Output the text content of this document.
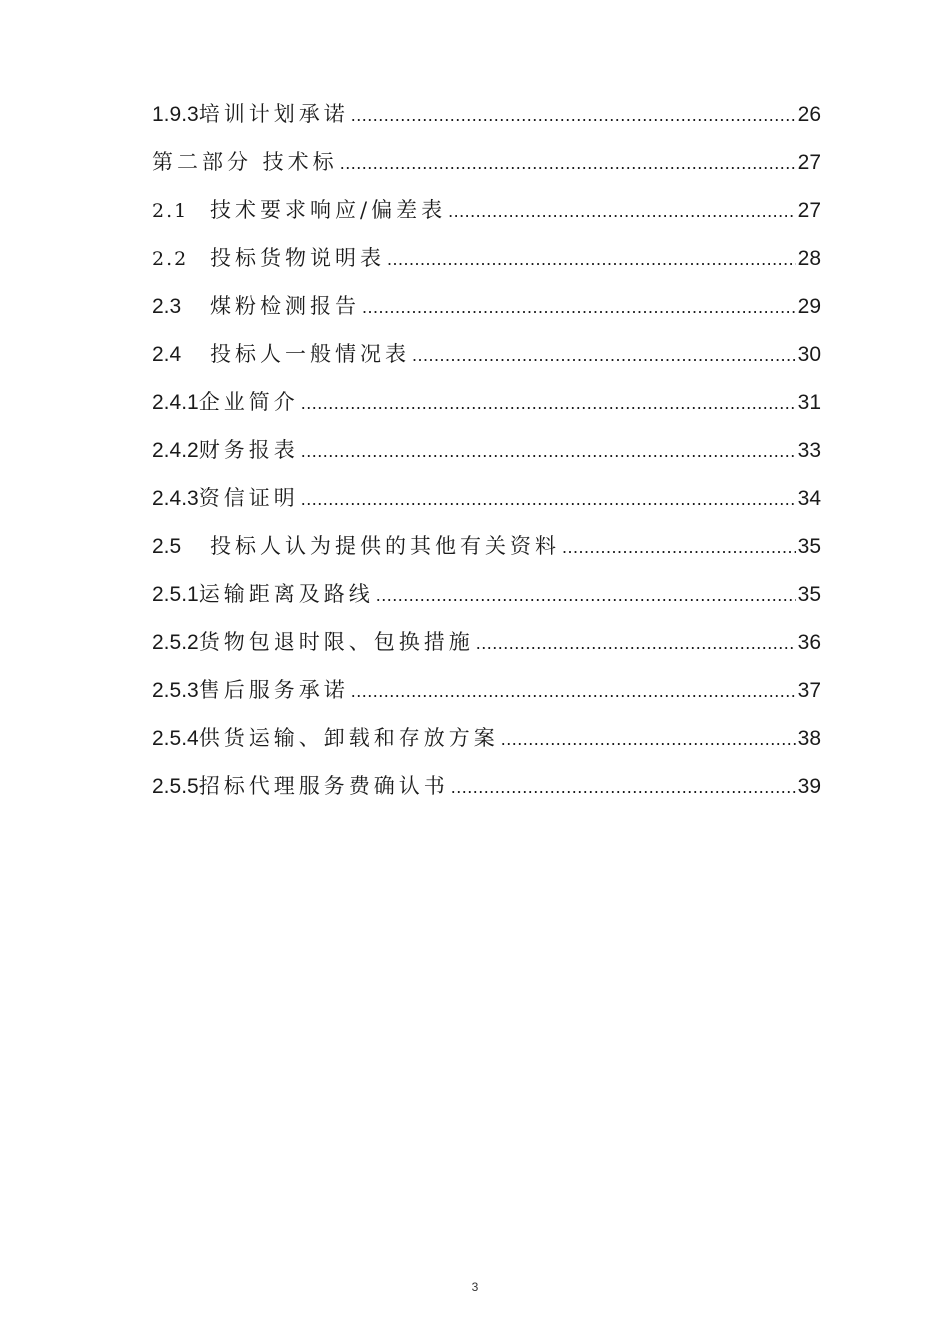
1.9.3 培训计划承诺 .....	26
第二部分 技术标 .....	27
2.1	技术要求响应/偏差表 .....	27
2.2	投标货物说明表 .....	28
2.3	煤粉检测报告 .....	29
2.4	投标人一般情况表 .....	30
2.4.1 企业简介 .....	31
2.4.2 财务报表 .....	33
2.4.3 资信证明 .....	34
2.5	投标人认为提供的其他有关资料 .....	35
2.5.1 运输距离及路线 .....	35
2.5.2 货物包退时限、包换措施 .....	36
2.5.3 售后服务承诺 .....	37
2.5.4 供货运输、卸载和存放方案 .....	38
2.5.5 招标代理服务费确认书 .....	39
3
